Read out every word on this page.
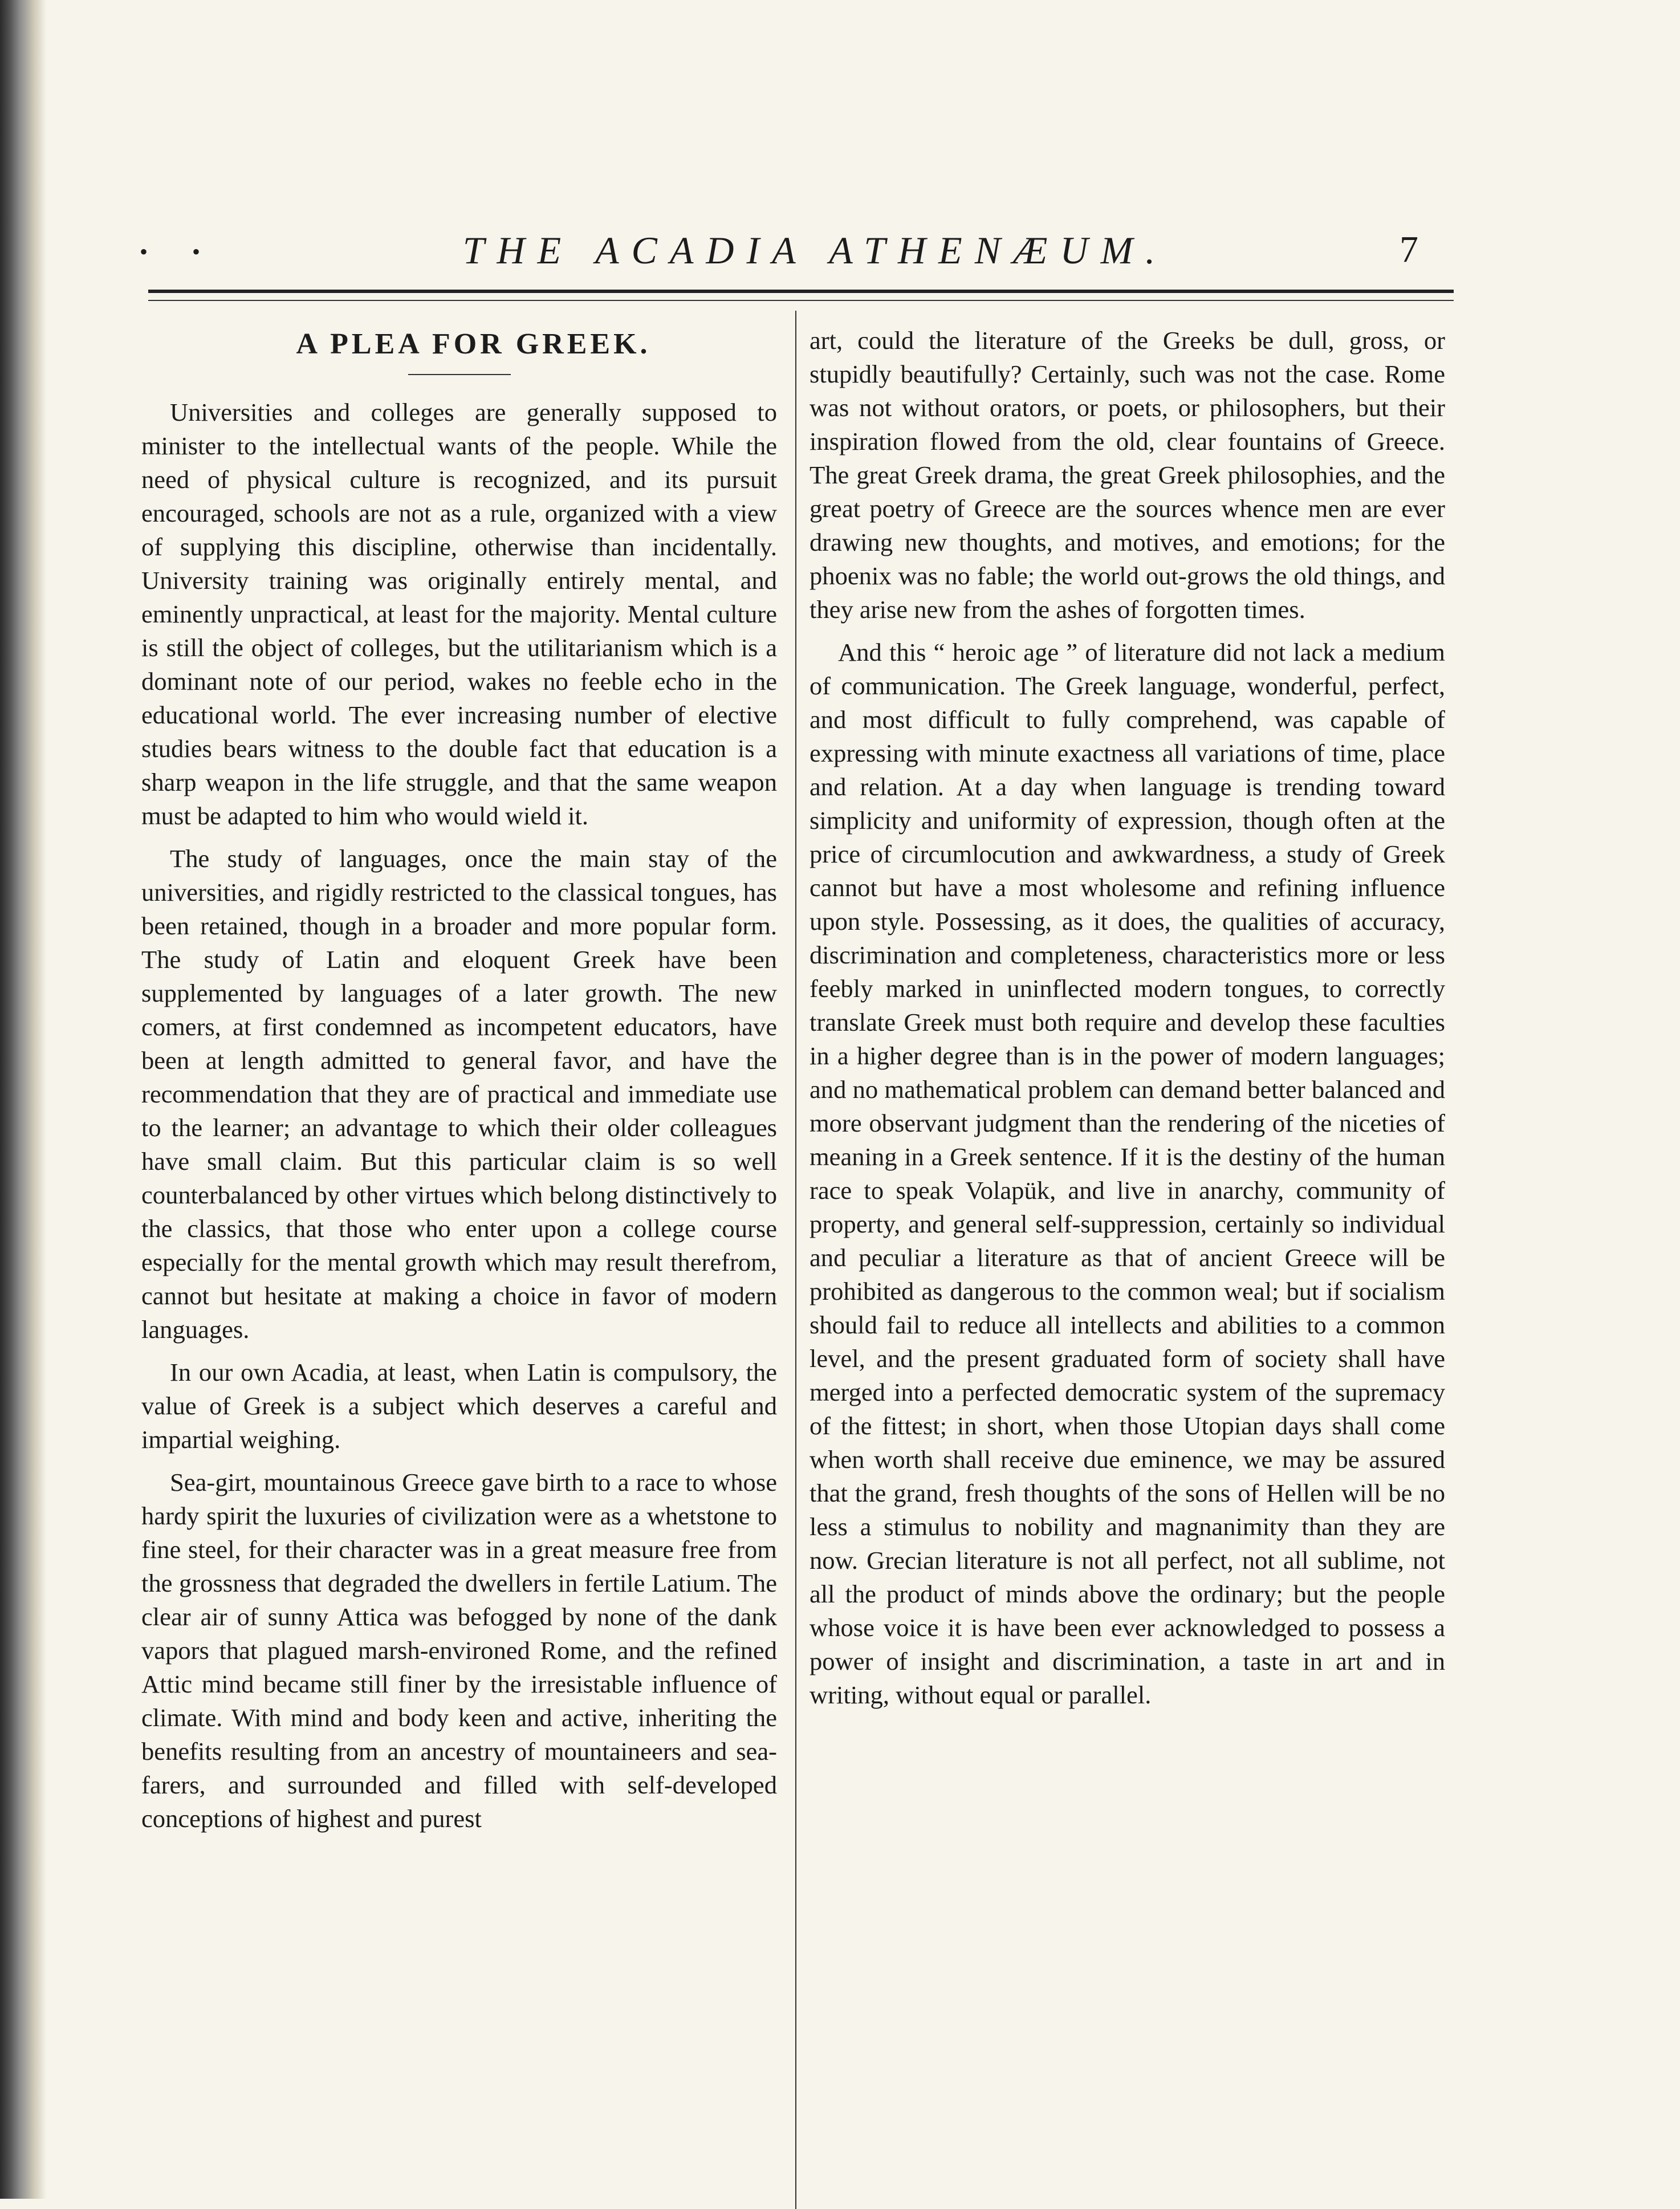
• •	THE ACADIA ATHENÆUM.	7

A PLEA FOR GREEK.

Universities and colleges are generally supposed to minister to the intellectual wants of the people. While the need of physical culture is recognized, and its pursuit encouraged, schools are not as a rule, organized with a view of supplying this discipline, otherwise than incidentally. University training was originally entirely mental, and eminently unpractical, at least for the majority. Mental culture is still the object of colleges, but the utilitarianism which is a dominant note of our period, wakes no feeble echo in the educational world. The ever increasing number of elective studies bears witness to the double fact that education is a sharp weapon in the life struggle, and that the same weapon must be adapted to him who would wield it.

The study of languages, once the main stay of the universities, and rigidly restricted to the classical tongues, has been retained, though in a broader and more popular form. The study of Latin and eloquent Greek have been supplemented by languages of a later growth. The new comers, at first condemned as incompetent educators, have been at length admitted to general favor, and have the recommendation that they are of practical and immediate use to the learner; an advantage to which their older colleagues have small claim. But this particular claim is so well counterbalanced by other virtues which belong distinctively to the classics, that those who enter upon a college course especially for the mental growth which may result therefrom, cannot but hesitate at making a choice in favor of modern languages.

In our own Acadia, at least, when Latin is compulsory, the value of Greek is a subject which deserves a careful and impartial weighing.

Sea-girt, mountainous Greece gave birth to a race to whose hardy spirit the luxuries of civilization were as a whetstone to fine steel, for their character was in a great measure free from the grossness that degraded the dwellers in fertile Latium. The clear air of sunny Attica was befogged by none of the dank vapors that plagued marsh-environed Rome, and the refined Attic mind became still finer by the irresistable influence of climate. With mind and body keen and active, inheriting the benefits resulting from an ancestry of mountaineers and sea-farers, and surrounded and filled with self-developed conceptions of highest and purest

art, could the literature of the Greeks be dull, gross, or stupidly beautifully? Certainly, such was not the case. Rome was not without orators, or poets, or philosophers, but their inspiration flowed from the old, clear fountains of Greece. The great Greek drama, the great Greek philosophies, and the great poetry of Greece are the sources whence men are ever drawing new thoughts, and motives, and emotions; for the phoenix was no fable; the world out-grows the old things, and they arise new from the ashes of forgotten times.

And this “ heroic age ” of literature did not lack a medium of communication. The Greek language, wonderful, perfect, and most difficult to fully comprehend, was capable of expressing with minute exactness all variations of time, place and relation. At a day when language is trending toward simplicity and uniformity of expression, though often at the price of circumlocution and awkwardness, a study of Greek cannot but have a most wholesome and refining influence upon style. Possessing, as it does, the qualities of accuracy, discrimination and completeness, characteristics more or less feebly marked in uninflected modern tongues, to correctly translate Greek must both require and develop these faculties in a higher degree than is in the power of modern languages; and no mathematical problem can demand better balanced and more observant judgment than the rendering of the niceties of meaning in a Greek sentence. If it is the destiny of the human race to speak Volapük, and live in anarchy, community of property, and general self-suppression, certainly so individual and peculiar a literature as that of ancient Greece will be prohibited as dangerous to the common weal; but if socialism should fail to reduce all intellects and abilities to a common level, and the present graduated form of society shall have merged into a perfected democratic system of the supremacy of the fittest; in short, when those Utopian days shall come when worth shall receive due eminence, we may be assured that the grand, fresh thoughts of the sons of Hellen will be no less a stimulus to nobility and magnanimity than they are now. Grecian literature is not all perfect, not all sublime, not all the product of minds above the ordinary; but the people whose voice it is have been ever acknowledged to possess a power of insight and discrimination, a taste in art and in writing, without equal or parallel.
